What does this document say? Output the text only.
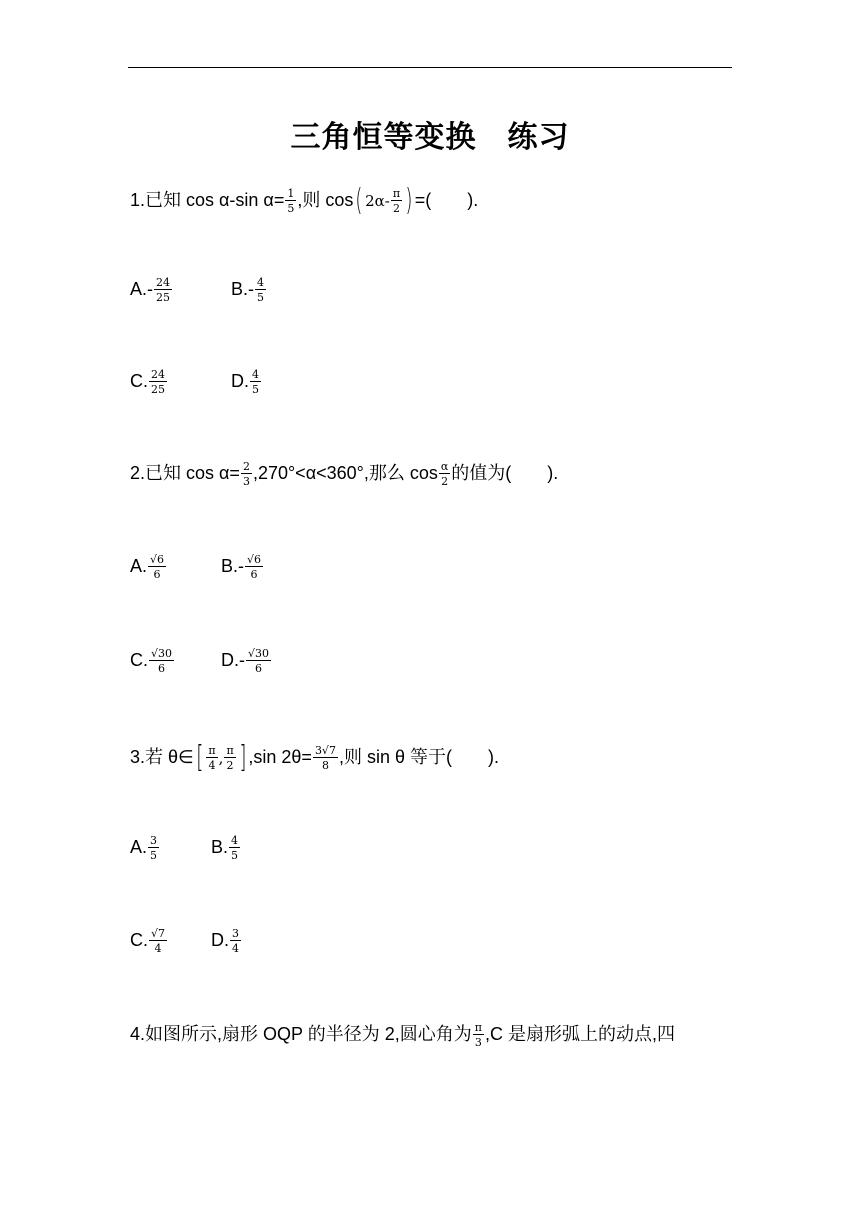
三角恒等变换　练习
1.已知 cos α-sin $\alpha= \frac{1}{5}$ ,则 cos( $2\alpha- \frac{\pi}{2}$ ) =(　　).
$A.- \frac{24}{25}$	$B.- \frac{4}{5}$
C. $\frac{24}{25}$	D. $\frac{4}{5}$
2.已知 $\cos \alpha= \frac{2}{3} ,270^\circ<\alpha<360^\circ$,那么 $\cos \frac{\alpha}{2}$ 的值为(　　).
A. $\frac{√6}{6}$	$B.- \frac{√6}{6}$
C. $\frac{√30}{6}$	$D.- \frac{√30}{6}$
3.若 θ∈[ $\frac{\pi}{4}$ , $\frac{\pi}{2}$ ] ,sin $2\theta= \frac{3√7}{8}$ ,则 sin θ 等于(　　).
A. $\frac{3}{5}$	B. $\frac{4}{5}$
C. $\frac{√7}{4} D$. $\frac{3}{4}$
4.如图所示,扇形 OQP 的半径为 2,圆心角为 $\frac{\pi}{3} ,C$ 是扇形弧上的动点,四
